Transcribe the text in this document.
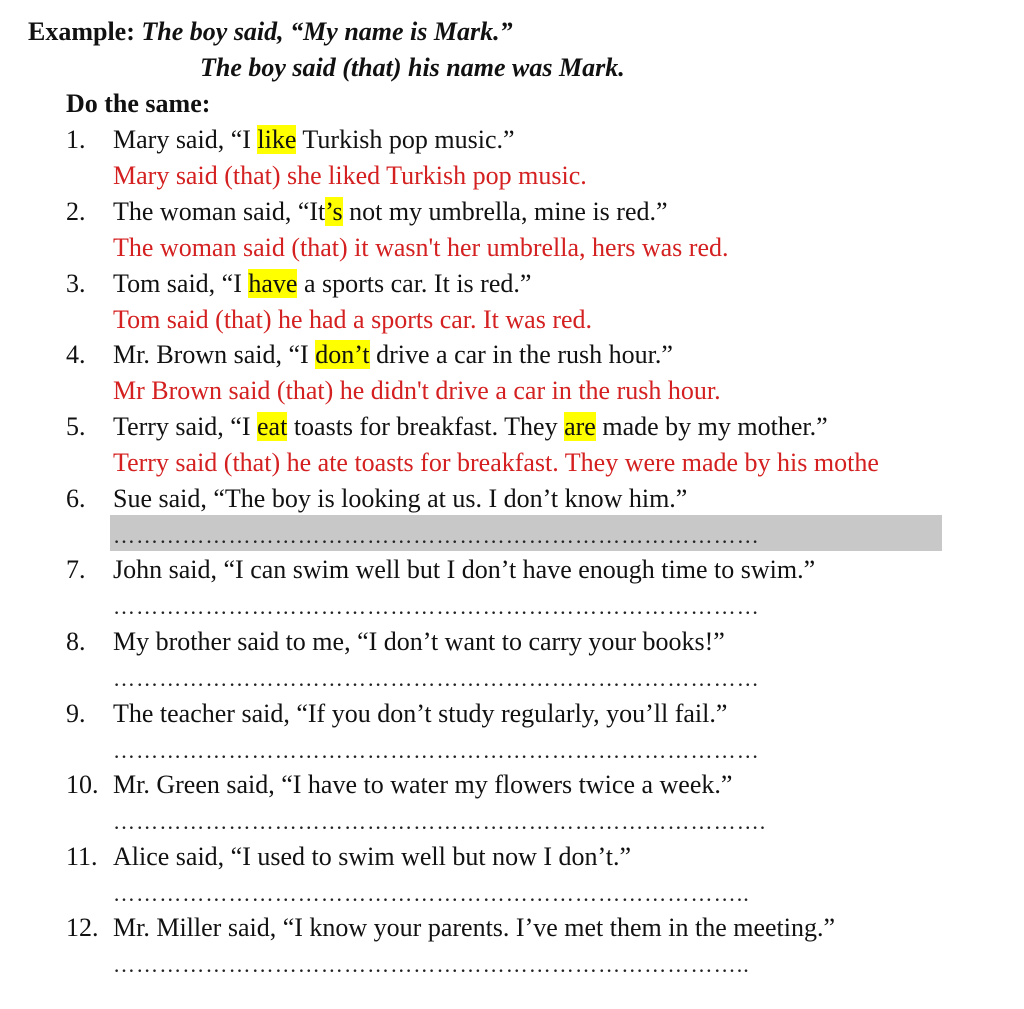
Example: The boy said, “My name is Mark.”
The boy said (that) his name was Mark.
Do the same:
1. Mary said, “I like Turkish pop music.”
Mary said (that) she liked Turkish pop music.
2. The woman said, “It’s not my umbrella, mine is red.”
The woman said (that) it wasn't her umbrella, hers was red.
3. Tom said, “I have a sports car. It is red.”
Tom said (that) he had a sports car. It was red.
4. Mr. Brown said, “I don’t drive a car in the rush hour.”
Mr Brown said (that) he didn't drive a car in the rush hour.
5. Terry said, “I eat toasts for breakfast. They are made by my mother.”
Terry said (that) he ate toasts for breakfast. They were made by his mothe
6. Sue said, “The boy is looking at us. I don’t know him.”
…………………………………………………………………………
7. John said, “I can swim well but I don’t have enough time to swim.”
…………………………………………………………………………
8. My brother said to me, “I don’t want to carry your books!”
…………………………………………………………………………
9. The teacher said, “If you don’t study regularly, you’ll fail.”
…………………………………………………………………………
10. Mr. Green said, “I have to water my flowers twice a week.”
………………………………………………………………………….
11. Alice said, “I used to swim well but now I don’t.”
………………………………………………………………………..
12. Mr. Miller said, “I know your parents. I’ve met them in the meeting.”
………………………………………………………………………..
